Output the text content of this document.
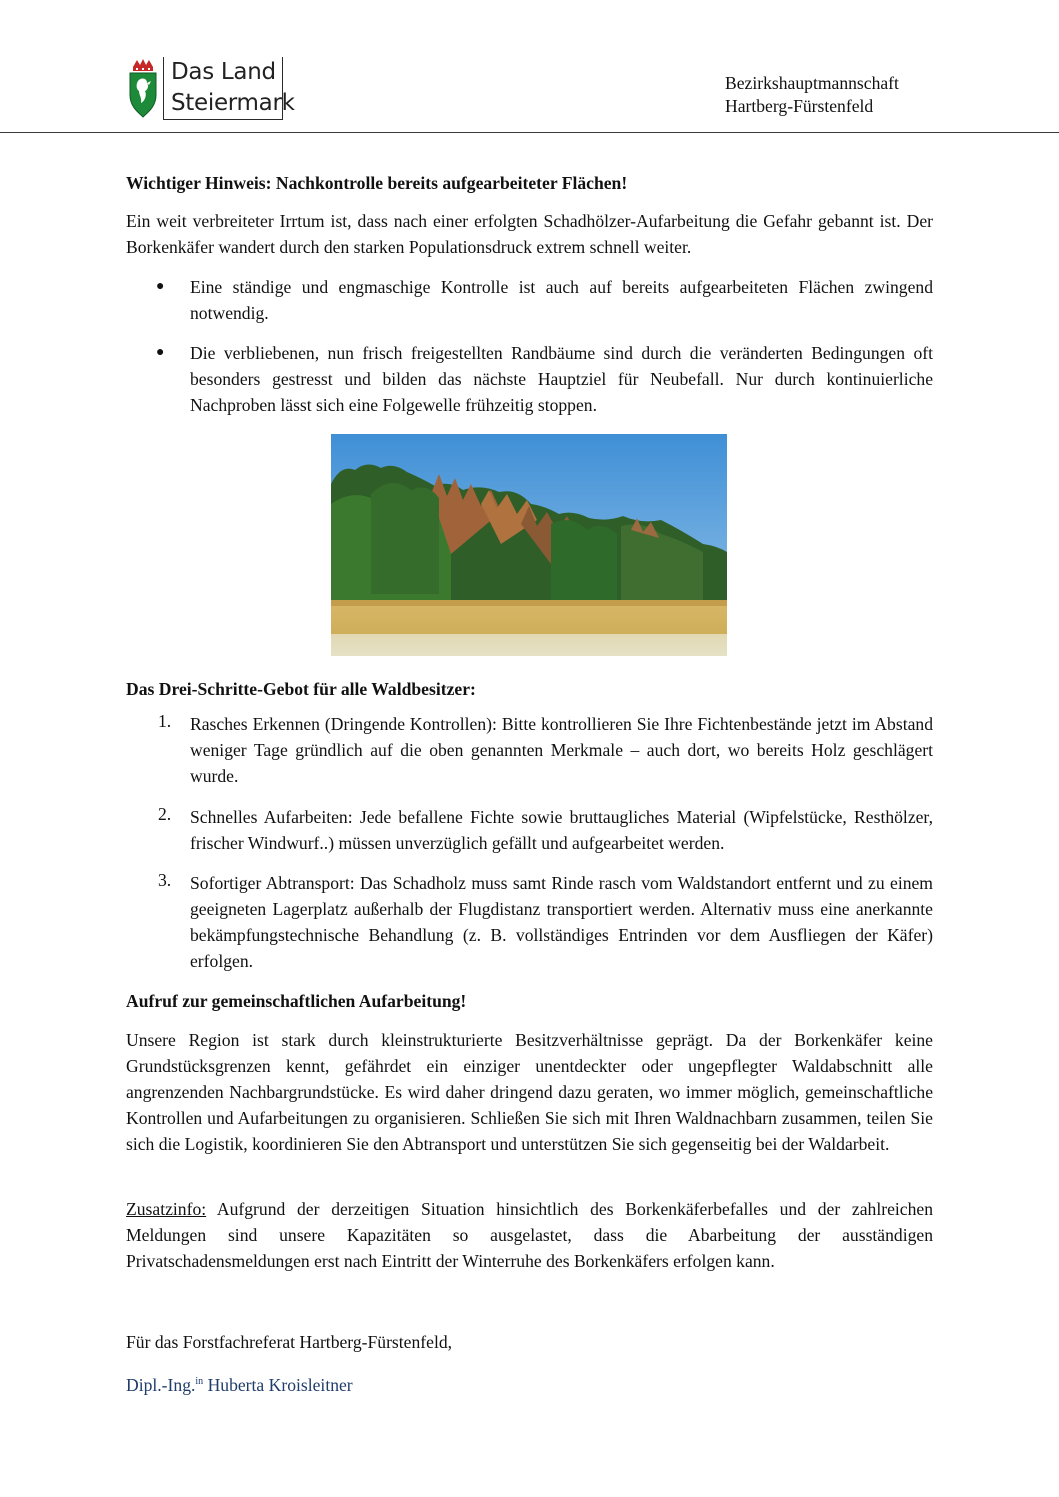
Das Land
Steiermark
Bezirkshauptmannschaft
Hartberg-Fürstenfeld
Wichtiger Hinweis: Nachkontrolle bereits aufgearbeiteter Flächen!
Ein weit verbreiteter Irrtum ist, dass nach einer erfolgten Schadhölzer-Aufarbeitung die Gefahr gebannt ist. Der Borkenkäfer wandert durch den starken Populationsdruck extrem schnell weiter.
● Eine ständige und engmaschige Kontrolle ist auch auf bereits aufgearbeiteten Flächen zwingend notwendig.
● Die verbliebenen, nun frisch freigestellten Randbäume sind durch die veränderten Bedingungen oft besonders gestresst und bilden das nächste Hauptziel für Neubefall. Nur durch kontinuierliche Nachproben lässt sich eine Folgewelle frühzeitig stoppen.
Das Drei-Schritte-Gebot für alle Waldbesitzer:
1. Rasches Erkennen (Dringende Kontrollen): Bitte kontrollieren Sie Ihre Fichtenbestände jetzt im Abstand weniger Tage gründlich auf die oben genannten Merkmale – auch dort, wo bereits Holz geschlägert wurde.
2. Schnelles Aufarbeiten: Jede befallene Fichte sowie bruttaugliches Material (Wipfelstücke, Resthölzer, frischer Windwurf..) müssen unverzüglich gefällt und aufgearbeitet werden.
3. Sofortiger Abtransport: Das Schadholz muss samt Rinde rasch vom Waldstandort entfernt und zu einem geeigneten Lagerplatz außerhalb der Flugdistanz transportiert werden. Alternativ muss eine anerkannte bekämpfungstechnische Behandlung (z. B. vollständiges Entrinden vor dem Ausfliegen der Käfer) erfolgen.
Aufruf zur gemeinschaftlichen Aufarbeitung!
Unsere Region ist stark durch kleinstrukturierte Besitzverhältnisse geprägt. Da der Borkenkäfer keine Grundstücksgrenzen kennt, gefährdet ein einziger unentdeckter oder ungepflegter Waldabschnitt alle angrenzenden Nachbargrundstücke. Es wird daher dringend dazu geraten, wo immer möglich, gemeinschaftliche Kontrollen und Aufarbeitungen zu organisieren. Schließen Sie sich mit Ihren Waldnachbarn zusammen, teilen Sie sich die Logistik, koordinieren Sie den Abtransport und unterstützen Sie sich gegenseitig bei der Waldarbeit.
Zusatzinfo: Aufgrund der derzeitigen Situation hinsichtlich des Borkenkäferbefalles und der zahlreichen Meldungen sind unsere Kapazitäten so ausgelastet, dass die Abarbeitung der ausständigen Privatschadensmeldungen erst nach Eintritt der Winterruhe des Borkenkäfers erfolgen kann.
Für das Forstfachreferat Hartberg-Fürstenfeld,
Dipl.-Ing.$^{in}$ Huberta Kroisleitner
